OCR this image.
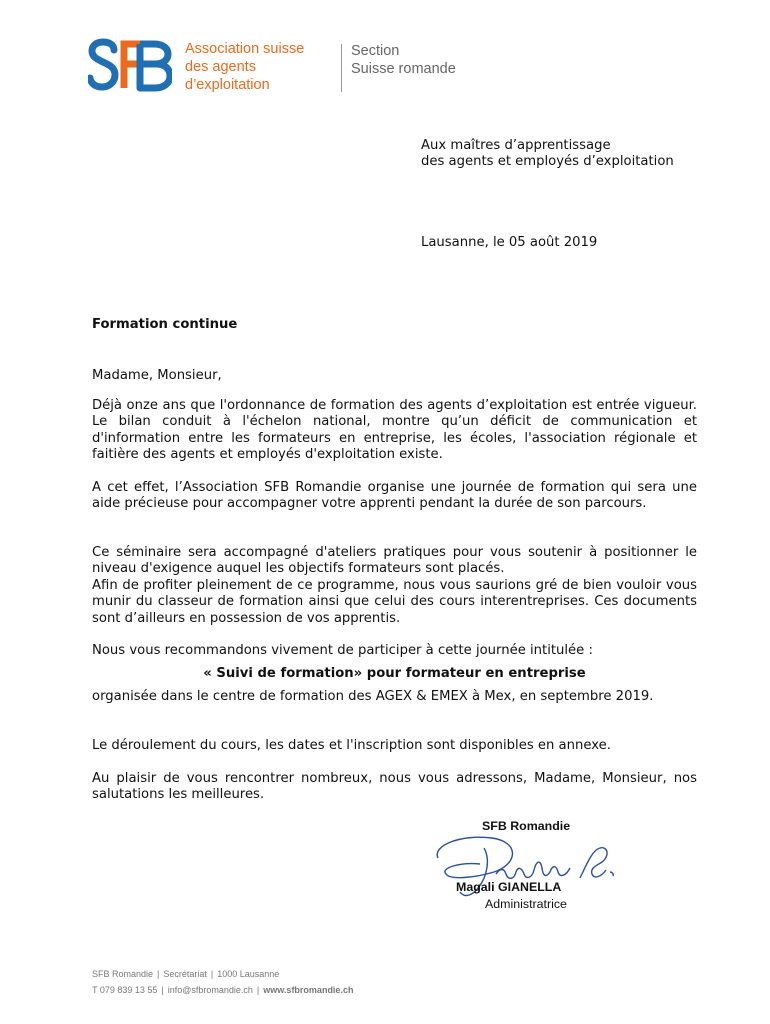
Association suisse
des agents
d’exploitation
Section
Suisse romande
Aux maîtres d’apprentissage
des agents et employés d’exploitation
Lausanne, le 05 août 2019
Formation continue
Madame, Monsieur,
Déjà onze ans que l'ordonnance de formation des agents d’exploitation est entrée vigueur. Le bilan conduit à l'échelon national, montre qu’un déficit de communication et d'information entre les formateurs en entreprise, les écoles, l'association régionale et faitière des agents et employés d'exploitation existe.
A cet effet, l’Association SFB Romandie organise une journée de formation qui sera une aide précieuse pour accompagner votre apprenti pendant la durée de son parcours.
Ce séminaire sera accompagné d'ateliers pratiques pour vous soutenir à positionner le niveau d'exigence auquel les objectifs formateurs sont placés.
Afin de profiter pleinement de ce programme, nous vous saurions gré de bien vouloir vous munir du classeur de formation ainsi que celui des cours interentreprises. Ces documents sont d’ailleurs en possession de vos apprentis.
Nous vous recommandons vivement de participer à cette journée intitulée :
« Suivi de formation» pour formateur en entreprise
organisée dans le centre de formation des AGEX & EMEX à Mex, en septembre 2019.
Le déroulement du cours, les dates et l'inscription sont disponibles en annexe.
Au plaisir de vous rencontrer nombreux, nous vous adressons, Madame, Monsieur, nos salutations les meilleures.
SFB Romandie
Magali GIANELLA
Administratrice
SFB Romandie | Secrétariat | 1000 Lausanne
T 079 839 13 55 | info@sfbromandie.ch | www.sfbromandie.ch
